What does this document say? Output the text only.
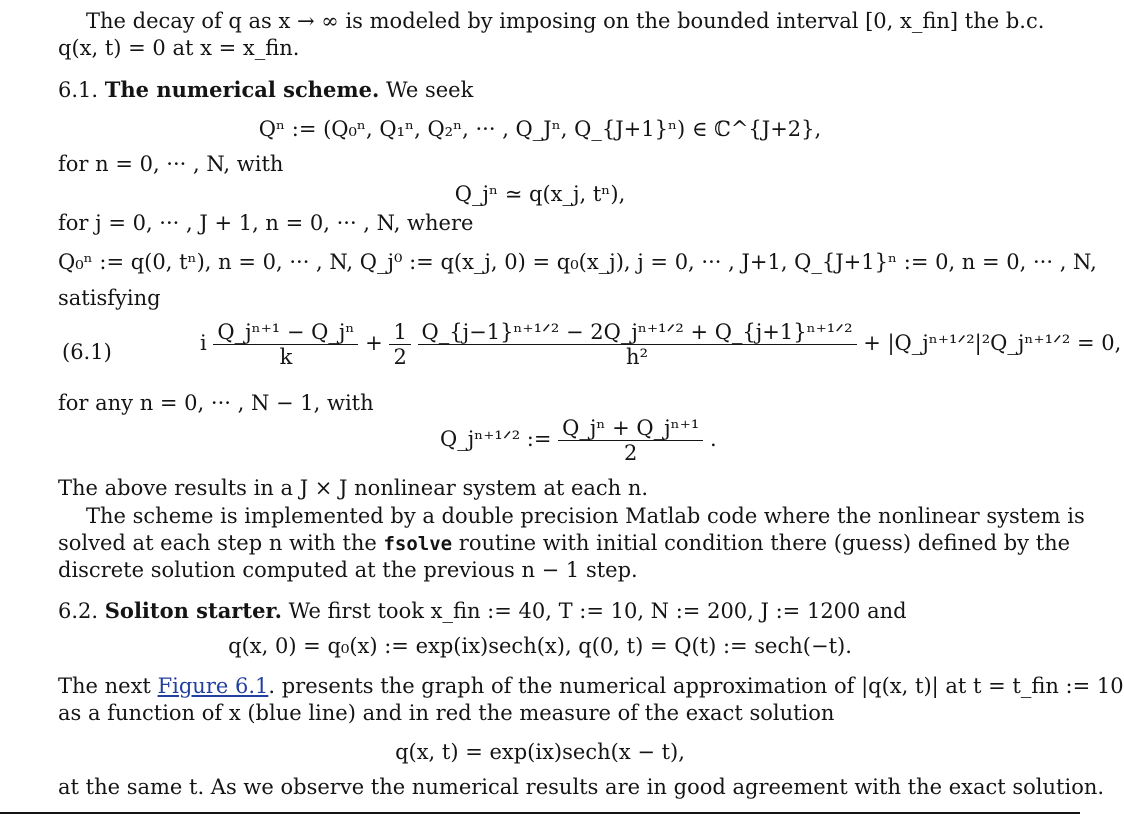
The decay of q as x → ∞ is modeled by imposing on the bounded interval [0, x_fin] the b.c.
q(x, t) = 0 at x = x_fin.
6.1. The numerical scheme. We seek
Qⁿ := (Q₀ⁿ, Q₁ⁿ, Q₂ⁿ, ··· , Q_Jⁿ, Q_{J+1}ⁿ) ∈ ℂ^{J+2},
for n = 0, ··· , N, with
Q_jⁿ ≃ q(x_j, tⁿ),
for j = 0, ··· , J + 1, n = 0, ··· , N, where
Q₀ⁿ := q(0, tⁿ), n = 0, ··· , N, Q_j⁰ := q(x_j, 0) = q₀(x_j), j = 0, ··· , J+1, Q_{J+1}ⁿ := 0, n = 0, ··· , N,
satisfying
(6.1)	i $\frac{\text{Q\_jⁿ⁺¹ − Q\_jⁿ}}{k} + \frac{1}{2}$
$\frac{\text{Q\_\{j−1\}ⁿ⁺¹ᐟ² − 2Q\_jⁿ⁺¹ᐟ² + Q\_\{j+1\}ⁿ⁺¹ᐟ²}}{\text{h²}}$ + |Q_jⁿ⁺¹ᐟ²|²Q_jⁿ⁺¹ᐟ² = 0,
for any n = 0, ··· , N − 1, with
Q_jⁿ⁺¹ᐟ² := $\frac{\text{Q\_jⁿ + Q\_jⁿ⁺¹}}{2}$ .
The above results in a J × J nonlinear system at each n.
The scheme is implemented by a double precision Matlab code where the nonlinear system is
solved at each step n with the fsolve routine with initial condition there (guess) defined by the
discrete solution computed at the previous n − 1 step.
6.2. Soliton starter. We first took x_fin := 40, T := 10, N := 200, J := 1200 and
q(x, 0) = q₀(x) := exp(ix)sech(x), q(0, t) = Q(t) := sech(−t).
The next Figure 6.1. presents the graph of the numerical approximation of |q(x, t)| at t = t_fin := 10
as a function of x (blue line) and in red the measure of the exact solution
q(x, t) = exp(ix)sech(x − t),
at the same t. As we observe the numerical results are in good agreement with the exact solution.
